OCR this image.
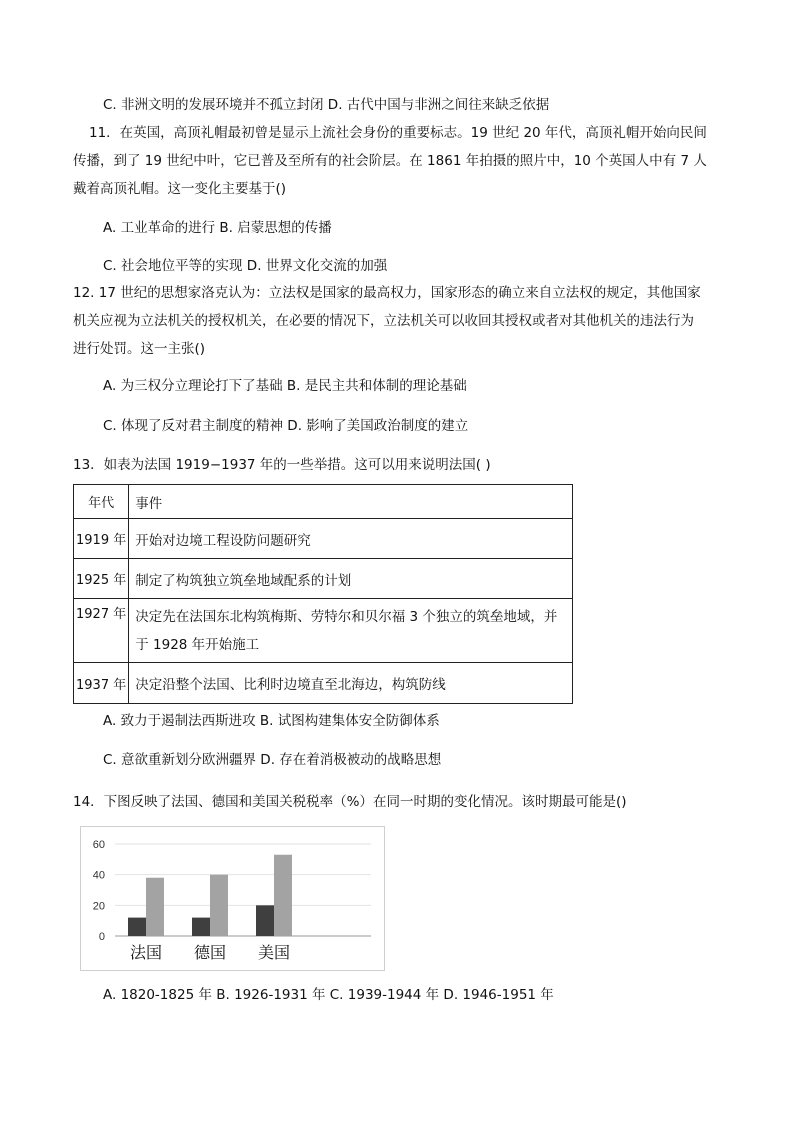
C. 非洲文明的发展环境并不孤立封闭 D. 古代中国与非洲之间往来缺乏依据
11．在英国，高顶礼帽最初曾是显示上流社会身份的重要标志。19 世纪 20 年代，高顶礼帽开始向民间
传播，到了 19 世纪中叶，它已普及至所有的社会阶层。在 1861 年拍摄的照片中，10 个英国人中有 7 人
戴着高顶礼帽。这一变化主要基于()
A. 工业革命的进行 B. 启蒙思想的传播
C. 社会地位平等的实现 D. 世界文化交流的加强
12. 17 世纪的思想家洛克认为：立法权是国家的最高权力，国家形态的确立来自立法权的规定，其他国家
机关应视为立法机关的授权机关，在必要的情况下，立法机关可以收回其授权或者对其他机关的违法行为
进行处罚。这一主张()
A. 为三权分立理论打下了基础 B. 是民主共和体制的理论基础
C. 体现了反对君主制度的精神 D. 影响了美国政治制度的建立
13．如表为法国 1919−1937 年的一些举措。这可以用来说明法国( )
年代	事件
1919 年	开始对边境工程设防问题研究
1925 年	制定了构筑独立筑垒地域配系的计划
1927 年	决定先在法国东北构筑梅斯、劳特尔和贝尔福 3 个独立的筑垒地域，并
于 1928 年开始施工

1937 年	决定沿整个法国、比利时边境直至北海边，构筑防线
A. 致力于遏制法西斯进攻 B. 试图构建集体安全防御体系
C. 意欲重新划分欧洲疆界 D. 存在着消极被动的战略思想
14．下图反映了法国、德国和美国关税税率（%）在同一时期的变化情况。该时期最可能是()
0
20
40
60
法国 德国 美国
A. 1820-1825 年 B. 1926-1931 年 C. 1939-1944 年 D. 1946-1951 年
